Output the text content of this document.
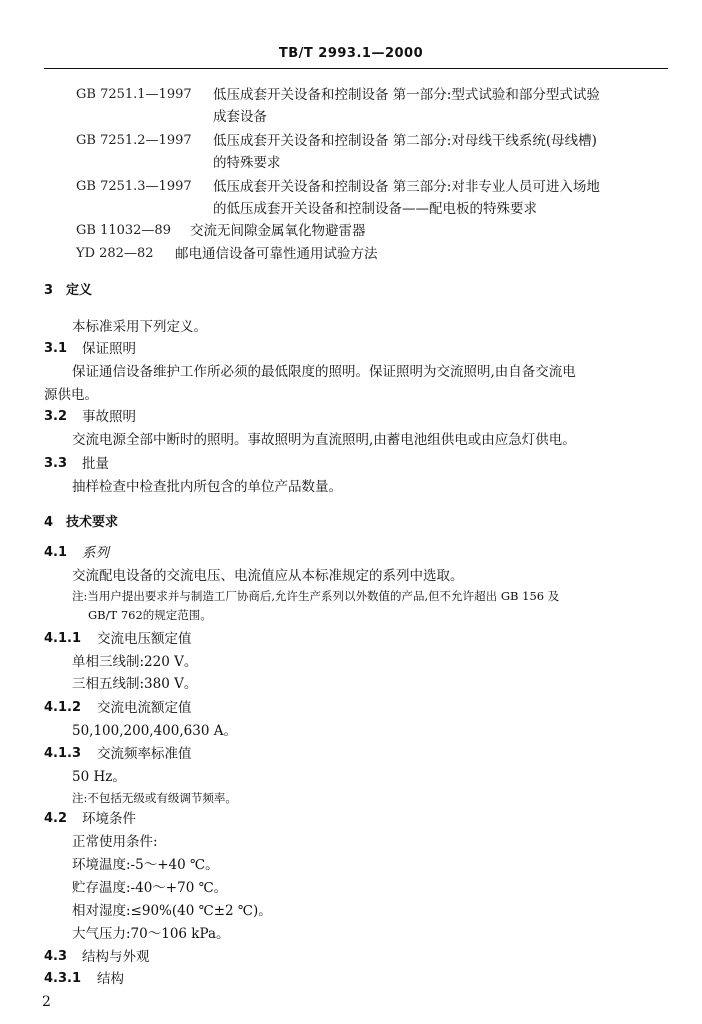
TB/T 2993.1—2000
GB 7251.1—1997 低压成套开关设备和控制设备 第一部分:型式试验和部分型式试验
成套设备
GB 7251.2—1997 低压成套开关设备和控制设备 第二部分:对母线干线系统(母线槽)
的特殊要求
GB 7251.3—1997 低压成套开关设备和控制设备 第三部分:对非专业人员可进入场地
的低压成套开关设备和控制设备——配电板的特殊要求
GB 11032—89 交流无间隙金属氧化物避雷器
YD 282—82 邮电通信设备可靠性通用试验方法
3 定义
本标准采用下列定义。
3.1 保证照明
保证通信设备维护工作所必须的最低限度的照明。保证照明为交流照明,由自备交流电
源供电。
3.2 事故照明
交流电源全部中断时的照明。事故照明为直流照明,由蓄电池组供电或由应急灯供电。
3.3 批量
抽样检查中检查批内所包含的单位产品数量。
4 技术要求
4.1 系列
交流配电设备的交流电压、电流值应从本标准规定的系列中选取。
注:当用户提出要求并与制造工厂协商后,允许生产系列以外数值的产品,但不允许超出 GB 156 及
GB/T 762的规定范围。
4.1.1 交流电压额定值
单相三线制:220 V。
三相五线制:380 V。
4.1.2 交流电流额定值
50,100,200,400,630 A。
4.1.3 交流频率标准值
50 Hz。
注:不包括无级或有级调节频率。
4.2 环境条件
正常使用条件:
环境温度:-5～+40 ℃。
贮存温度:-40～+70 ℃。
相对湿度:≤90%(40 ℃±2 ℃)。
大气压力:70～106 kPa。
4.3 结构与外观
4.3.1 结构
2
